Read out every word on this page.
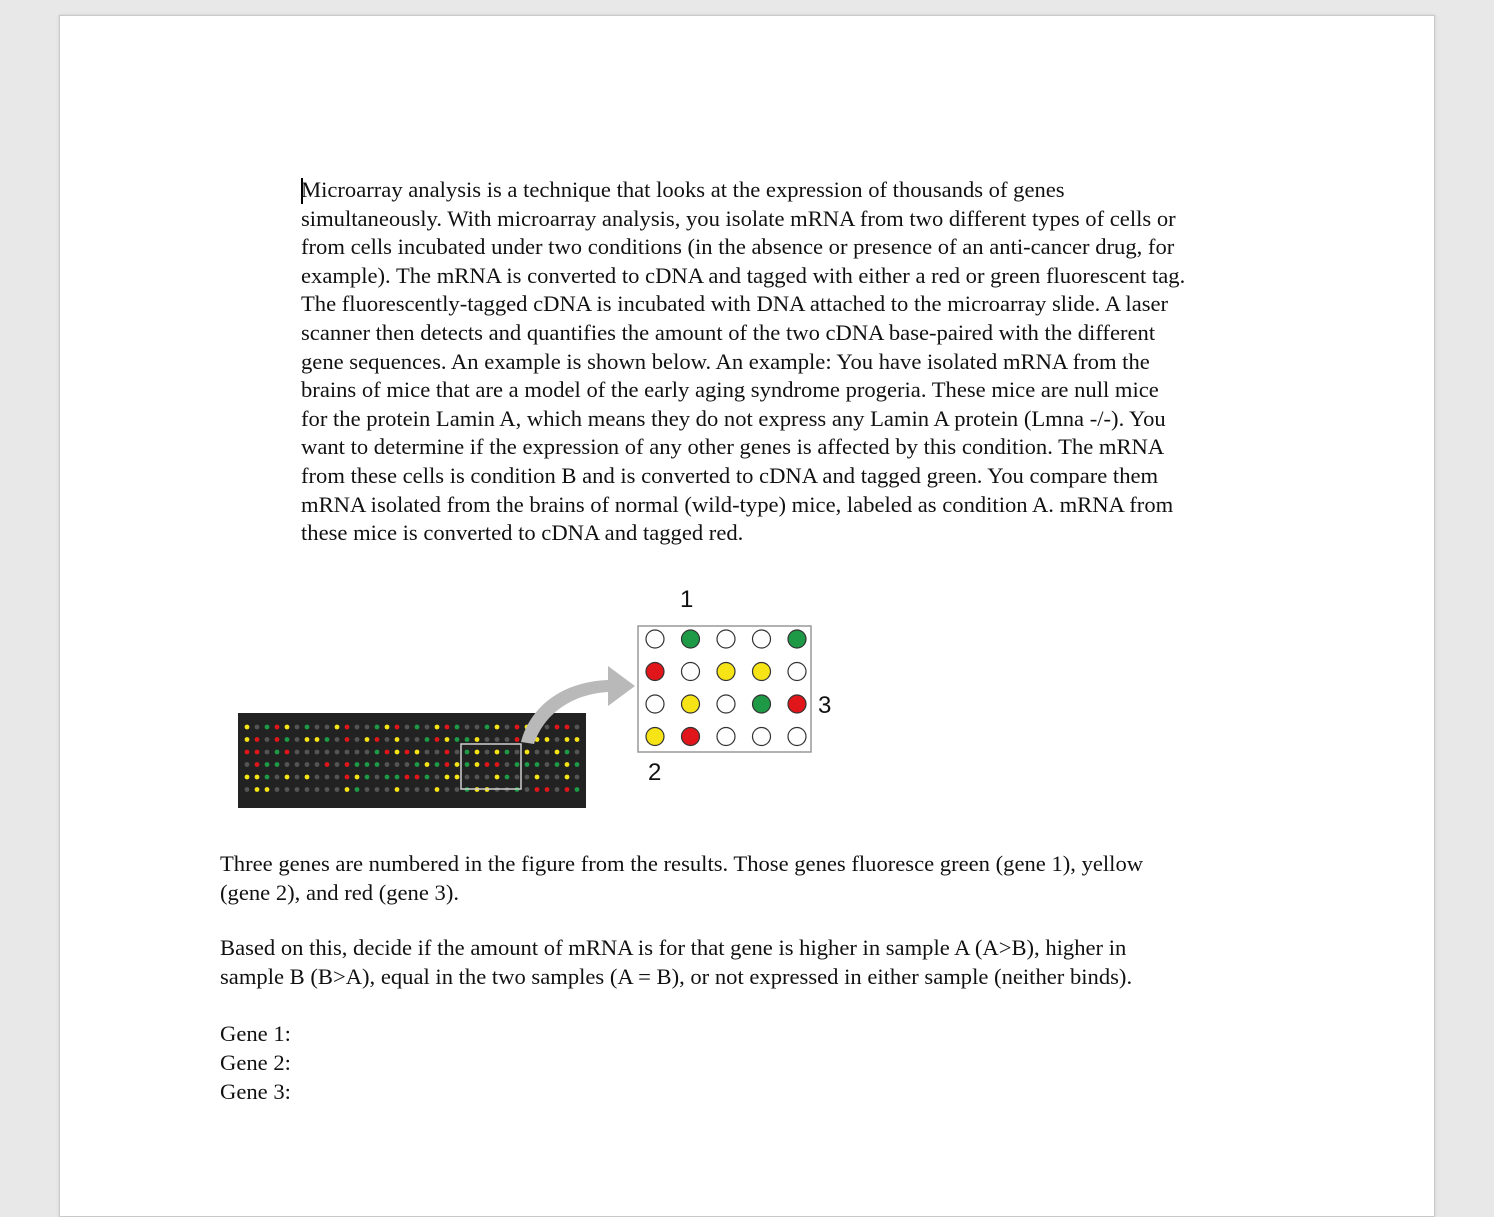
Microarray analysis is a technique that looks at the expression of thousands of genes
simultaneously. With microarray analysis, you isolate mRNA from two different types of cells or
from cells incubated under two conditions (in the absence or presence of an anti-cancer drug, for
example). The mRNA is converted to cDNA and tagged with either a red or green fluorescent tag.
The fluorescently-tagged cDNA is incubated with DNA attached to the microarray slide. A laser
scanner then detects and quantifies the amount of the two cDNA base-paired with the different
gene sequences. An example is shown below. An example: You have isolated mRNA from the
brains of mice that are a model of the early aging syndrome progeria. These mice are null mice
for the protein Lamin A, which means they do not express any Lamin A protein (Lmna -/-). You
want to determine if the expression of any other genes is affected by this condition. The mRNA
from these cells is condition B and is converted to cDNA and tagged green. You compare them
mRNA isolated from the brains of normal (wild-type) mice, labeled as condition A. mRNA from
these mice is converted to cDNA and tagged red.
1
2
3
Three genes are numbered in the figure from the results. Those genes fluoresce green (gene 1), yellow
(gene 2), and red (gene 3).
Based on this, decide if the amount of mRNA is for that gene is higher in sample A (A>B), higher in
sample B (B>A), equal in the two samples (A = B), or not expressed in either sample (neither binds).
Gene 1:
Gene 2:
Gene 3:
